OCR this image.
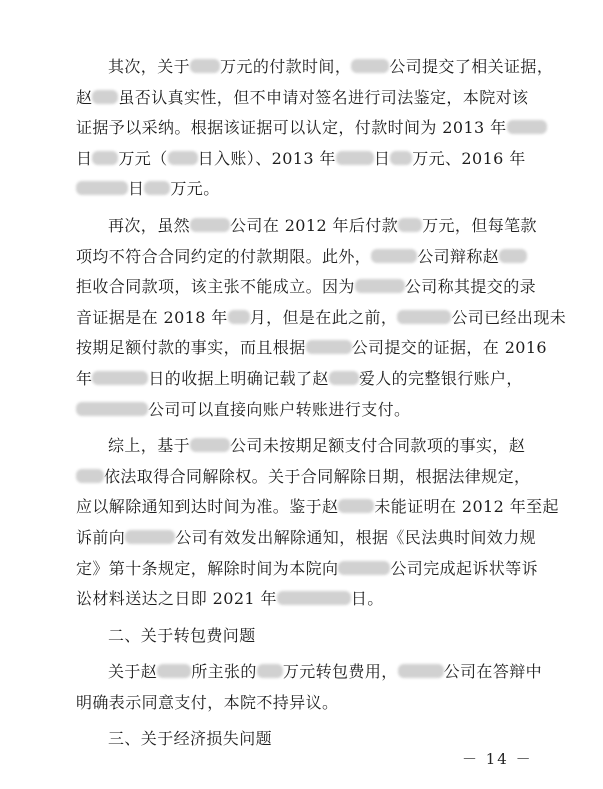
其次，关于 万元的付款时间， 公司提交了相关证据，
赵 虽否认真实性，但不申请对签名进行司法鉴定，本院对该
证据予以采纳。根据该证据可以认定，付款时间为 2013 年
日 万元（ 日入账）、2013 年 日 万元、2016 年
日 万元。
再次，虽然	公司在 2012 年后付款 万元，但每笔款
项均不符合合同约定的付款期限。此外，	公司辩称赵
拒收合同款项，该主张不能成立。因为	公司称其提交的录
音证据是在 2018 年 月，但是在此之前，	公司已经出现未
按期足额付款的事实，而且根据	公司提交的证据，在 2016
年	日的收据上明确记载了赵 爱人的完整银行账户，
公司可以直接向账户转账进行支付。
综上，基于	公司未按期足额支付合同款项的事实，赵
依法取得合同解除权。关于合同解除日期，根据法律规定，
应以解除通知到达时间为准。鉴于赵 未能证明在 2012 年至起
诉前向	公司有效发出解除通知，根据《民法典时间效力规
定》第十条规定，解除时间为本院向	公司完成起诉状等诉
讼材料送达之日即 2021 年	日。
二、关于转包费问题
关于赵 所主张的 万元转包费用，	公司在答辩中
明确表示同意支付，本院不持异议。
三、关于经济损失问题
－ 14 －
